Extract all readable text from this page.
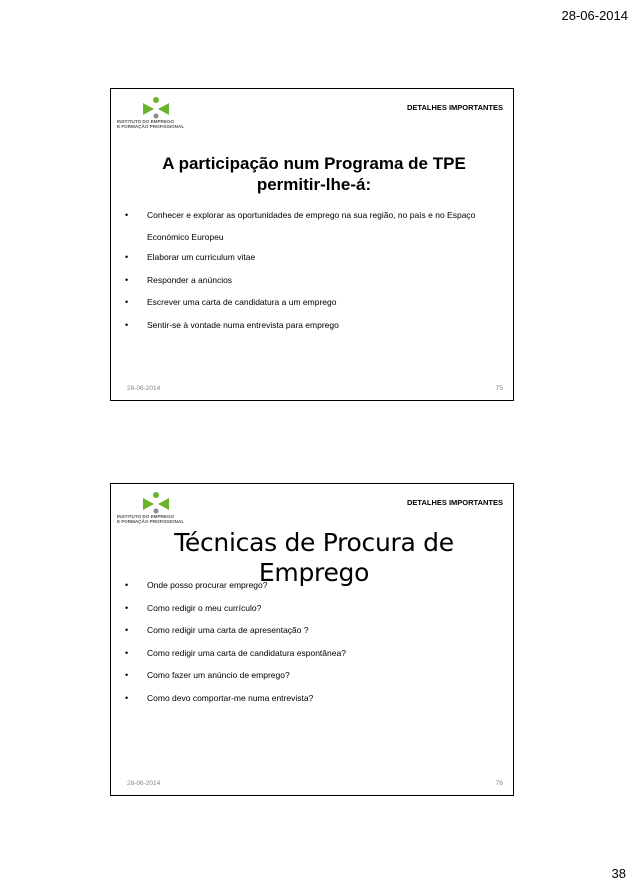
28-06-2014
INSTITUTO DO EMPREGO
E FORMAÇÃO PROFISSIONAL
DETALHES IMPORTANTES
A participação num Programa de TPE permitir-lhe-á:
• Conhecer e explorar as oportunidades de emprego na sua região, no país e no Espaço Económico Europeu
• Elaborar um curriculum vitae
• Responder a anúncios
• Escrever uma carta de candidatura a um emprego
• Sentir-se à vontade numa entrevista para emprego
28-06-2014	75
INSTITUTO DO EMPREGO
E FORMAÇÃO PROFISSIONAL
DETALHES IMPORTANTES
Técnicas de Procura de Emprego
• Onde posso procurar emprego?
• Como redigir o meu currículo?
• Como redigir uma carta de apresentação ?
• Como redigir uma carta de candidatura espontânea?
• Como fazer um anúncio de emprego?
• Como devo comportar-me numa entrevista?
28-06-2014	76
38
